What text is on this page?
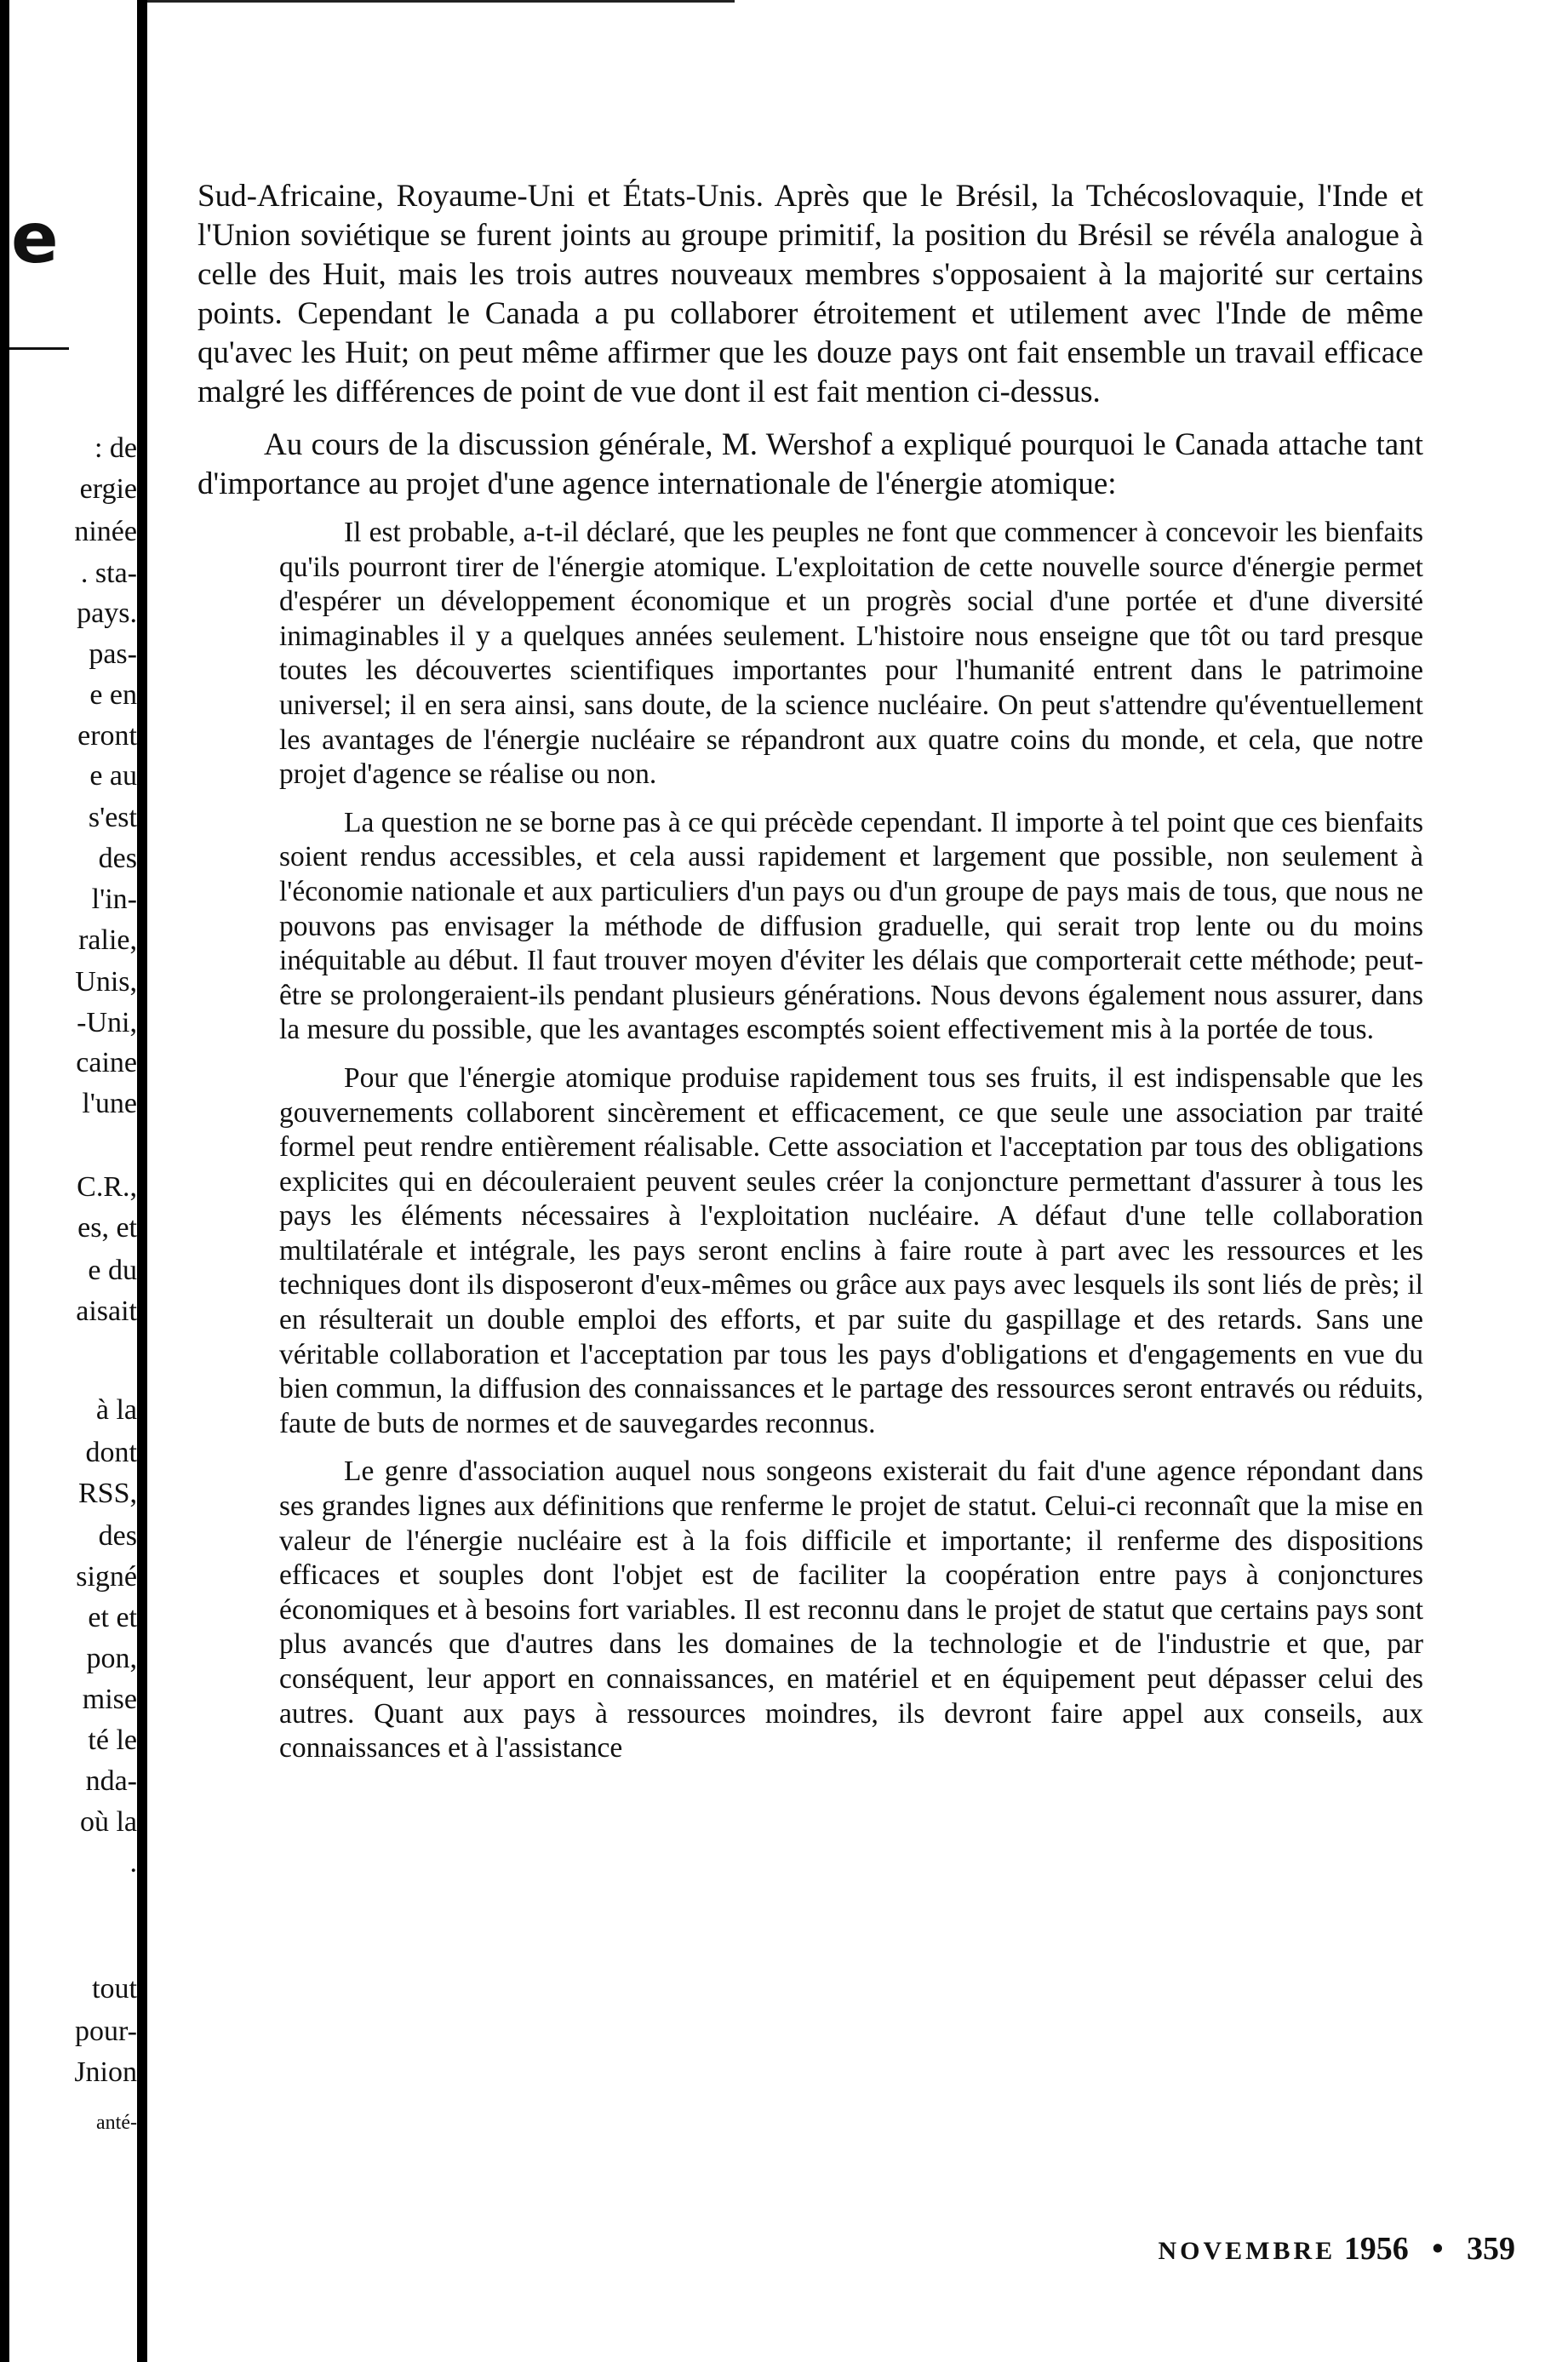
e
: de
ergie
ninée
. sta-
pays.
pas-
e en
eront
e au
s'est
des
l'in-
ralie,
Unis,
-Uni,
caine
l'une
C.R.,
es, et
e du
aisait
à la
dont
RSS,
des
signé
et et
pon,
mise
té le
nda-
où la
.
tout
pour-
Jnion
anté-

Sud-Africaine, Royaume-Uni et États-Unis. Après que le Brésil, la Tchécoslovaquie, l'Inde et l'Union soviétique se furent joints au groupe primitif, la position du Brésil se révéla analogue à celle des Huit, mais les trois autres nouveaux membres s'opposaient à la majorité sur certains points. Cependant le Canada a pu collaborer étroitement et utilement avec l'Inde de même qu'avec les Huit; on peut même affirmer que les douze pays ont fait ensemble un travail efficace malgré les différences de point de vue dont il est fait mention ci-dessus.

Au cours de la discussion générale, M. Wershof a expliqué pourquoi le Canada attache tant d'importance au projet d'une agence internationale de l'énergie atomique:

Il est probable, a-t-il déclaré, que les peuples ne font que commencer à concevoir les bienfaits qu'ils pourront tirer de l'énergie atomique. L'exploitation de cette nouvelle source d'énergie permet d'espérer un développement économique et un progrès social d'une portée et d'une diversité inimaginables il y a quelques années seulement. L'histoire nous enseigne que tôt ou tard presque toutes les découvertes scientifiques importantes pour l'humanité entrent dans le patrimoine universel; il en sera ainsi, sans doute, de la science nucléaire. On peut s'attendre qu'éventuellement les avantages de l'énergie nucléaire se répandront aux quatre coins du monde, et cela, que notre projet d'agence se réalise ou non.

La question ne se borne pas à ce qui précède cependant. Il importe à tel point que ces bienfaits soient rendus accessibles, et cela aussi rapidement et largement que possible, non seulement à l'économie nationale et aux particuliers d'un pays ou d'un groupe de pays mais de tous, que nous ne pouvons pas envisager la méthode de diffusion graduelle, qui serait trop lente ou du moins inéquitable au début. Il faut trouver moyen d'éviter les délais que comporterait cette méthode; peut-être se prolongeraient-ils pendant plusieurs générations. Nous devons également nous assurer, dans la mesure du possible, que les avantages escomptés soient effectivement mis à la portée de tous.

Pour que l'énergie atomique produise rapidement tous ses fruits, il est indispensable que les gouvernements collaborent sincèrement et efficacement, ce que seule une association par traité formel peut rendre entièrement réalisable. Cette association et l'acceptation par tous des obligations explicites qui en découleraient peuvent seules créer la conjoncture permettant d'assurer à tous les pays les éléments nécessaires à l'exploitation nucléaire. A défaut d'une telle collaboration multilatérale et intégrale, les pays seront enclins à faire route à part avec les ressources et les techniques dont ils disposeront d'eux-mêmes ou grâce aux pays avec lesquels ils sont liés de près; il en résulterait un double emploi des efforts, et par suite du gaspillage et des retards. Sans une véritable collaboration et l'acceptation par tous les pays d'obligations et d'engagements en vue du bien commun, la diffusion des connaissances et le partage des ressources seront entravés ou réduits, faute de buts de normes et de sauvegardes reconnus.

Le genre d'association auquel nous songeons existerait du fait d'une agence répondant dans ses grandes lignes aux définitions que renferme le projet de statut. Celui-ci reconnaît que la mise en valeur de l'énergie nucléaire est à la fois difficile et importante; il renferme des dispositions efficaces et souples dont l'objet est de faciliter la coopération entre pays à conjonctures économiques et à besoins fort variables. Il est reconnu dans le projet de statut que certains pays sont plus avancés que d'autres dans les domaines de la technologie et de l'industrie et que, par conséquent, leur apport en connaissances, en matériel et en équipement peut dépasser celui des autres. Quant aux pays à ressources moindres, ils devront faire appel aux conseils, aux connaissances et à l'assistance

NOVEMBRE 1956 • 359
